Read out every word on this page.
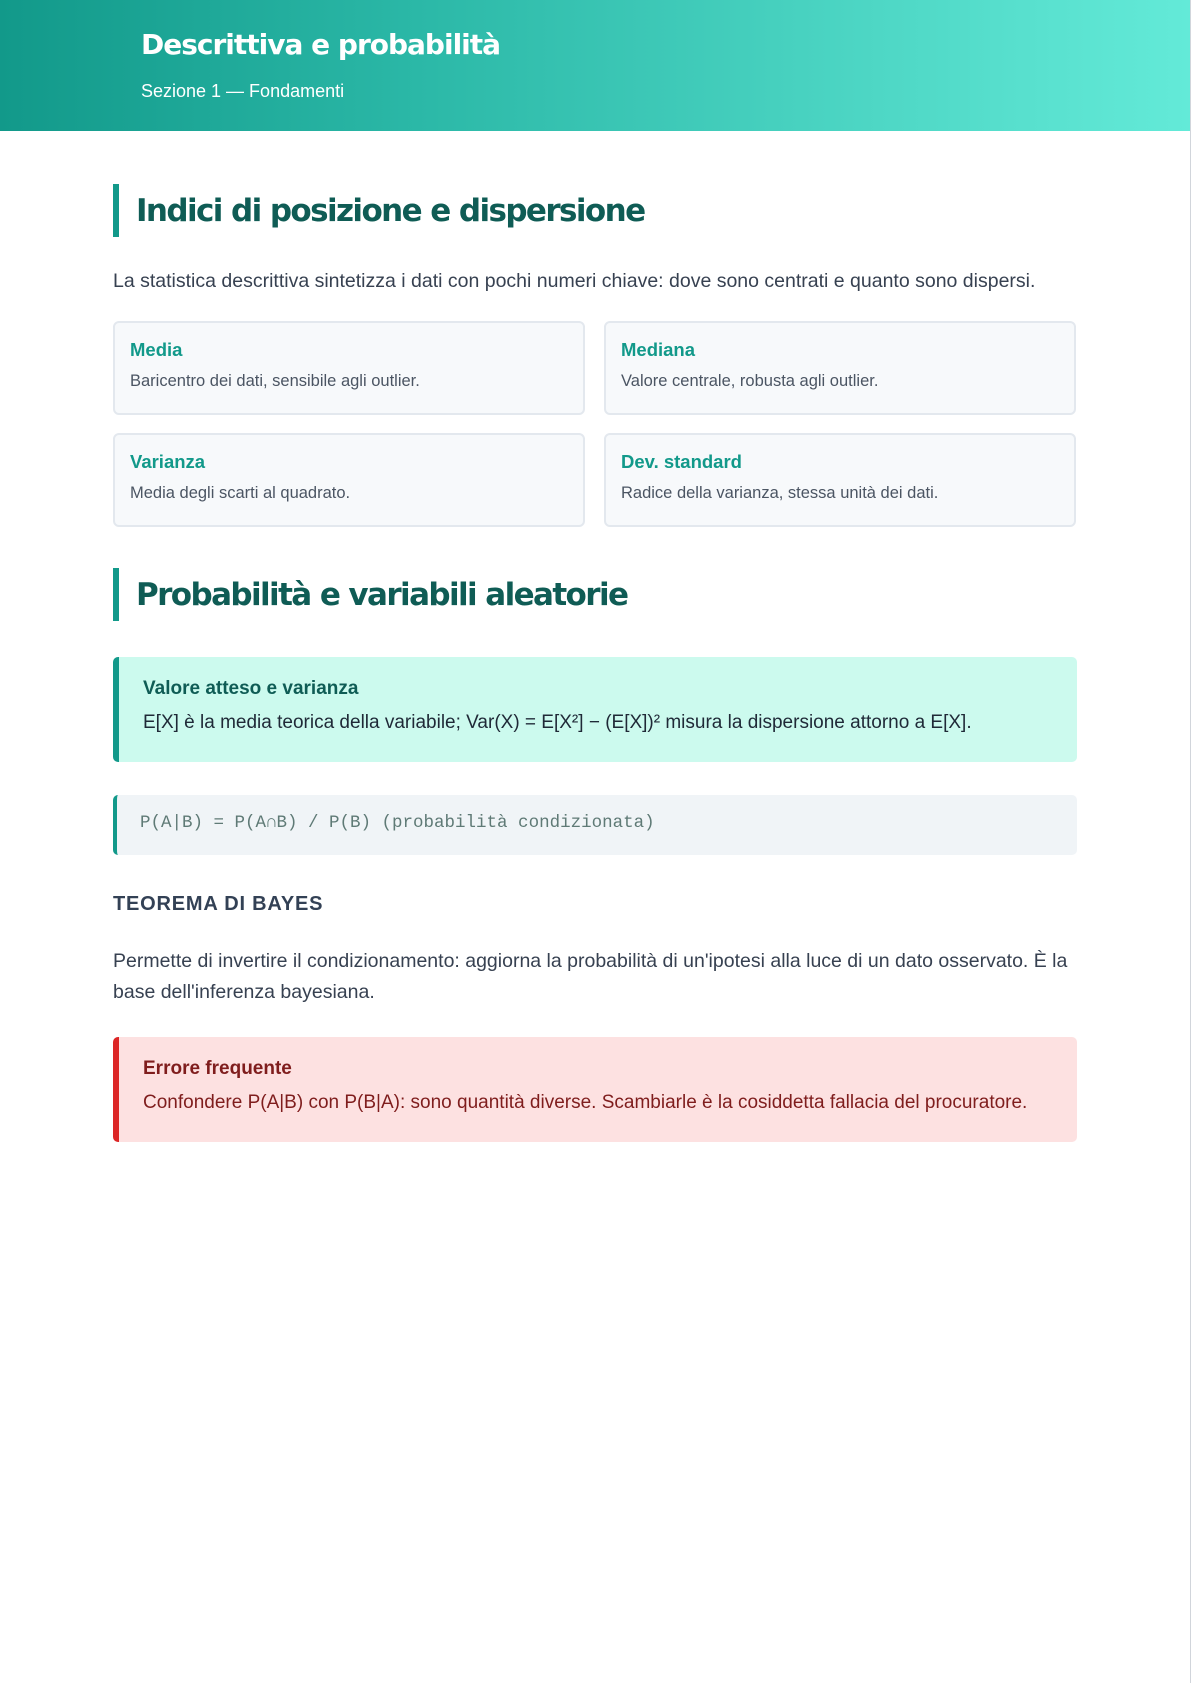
Descrittiva e probabilità
Sezione 1 — Fondamenti
Indici di posizione e dispersione
La statistica descrittiva sintetizza i dati con pochi numeri chiave: dove sono centrati e quanto sono dispersi.
Media
Baricentro dei dati, sensibile agli outlier.
Mediana
Valore centrale, robusta agli outlier.
Varianza
Media degli scarti al quadrato.
Dev. standard
Radice della varianza, stessa unità dei dati.
Probabilità e variabili aleatorie
Valore atteso e varianza
E[X] è la media teorica della variabile; Var(X) = E[X²] − (E[X])² misura la dispersione attorno a E[X].
P(A|B) = P(A∩B) / P(B) (probabilità condizionata)
TEOREMA DI BAYES
Permette di invertire il condizionamento: aggiorna la probabilità di un'ipotesi alla luce di un dato osservato. È la base dell'inferenza bayesiana.
Errore frequente
Confondere P(A|B) con P(B|A): sono quantità diverse. Scambiarle è la cosiddetta fallacia del procuratore.
